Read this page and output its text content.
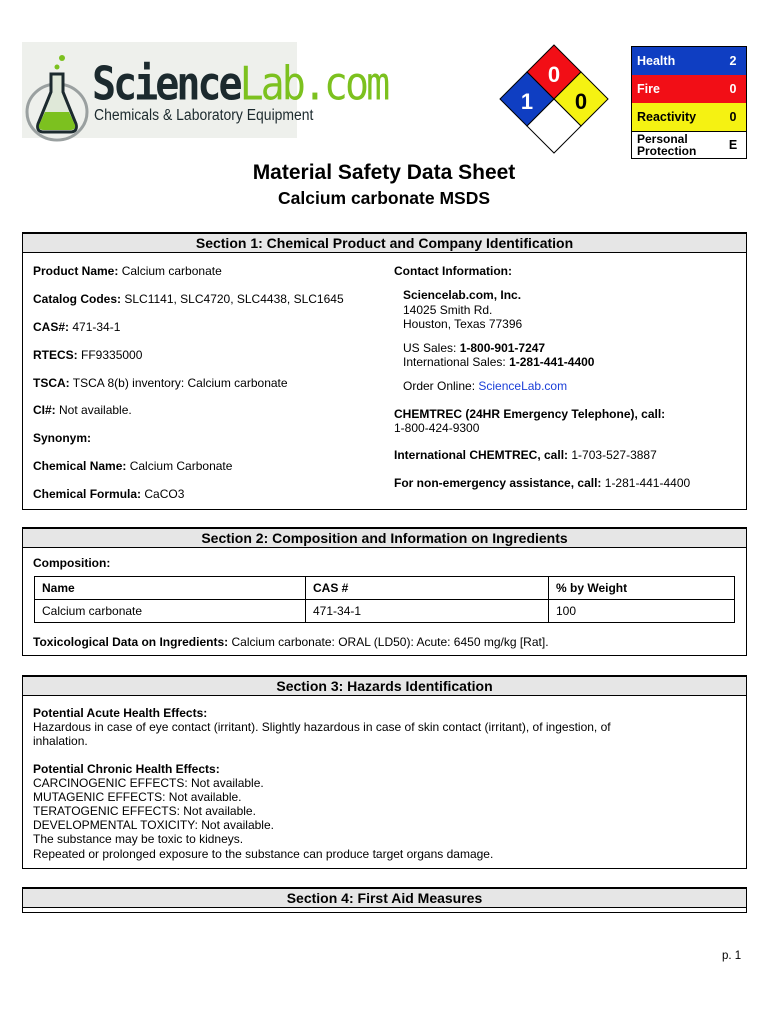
ScienceLab.com
Chemicals & Laboratory Equipment
0
1 0
Health	2
Fire	0
Reactivity	0
Personal
Protection	E
Material Safety Data Sheet
Calcium carbonate MSDS
Section 1: Chemical Product and Company Identification
Product Name: Calcium carbonate
Catalog Codes: SLC1141, SLC4720, SLC4438, SLC1645
CAS#: 471-34-1
RTECS: FF9335000
TSCA: TSCA 8(b) inventory: Calcium carbonate
CI#: Not available.
Synonym:
Chemical Name: Calcium Carbonate
Chemical Formula: CaCO3
Contact Information:
Sciencelab.com, Inc.
14025 Smith Rd.
Houston, Texas 77396
US Sales: 1-800-901-7247
International Sales: 1-281-441-4400
Order Online: ScienceLab.com
CHEMTREC (24HR Emergency Telephone), call:
1-800-424-9300
International CHEMTREC, call: 1-703-527-3887
For non-emergency assistance, call: 1-281-441-4400
Section 2: Composition and Information on Ingredients
Composition:
Name	CAS #	% by Weight
Calcium carbonate	471-34-1	100
Toxicological Data on Ingredients: Calcium carbonate: ORAL (LD50): Acute: 6450 mg/kg [Rat].
Section 3: Hazards Identification
Potential Acute Health Effects:
Hazardous in case of eye contact (irritant). Slightly hazardous in case of skin contact (irritant), of ingestion, of
inhalation.
Potential Chronic Health Effects:
CARCINOGENIC EFFECTS: Not available.
MUTAGENIC EFFECTS: Not available.
TERATOGENIC EFFECTS: Not available.
DEVELOPMENTAL TOXICITY: Not available.
The substance may be toxic to kidneys.
Repeated or prolonged exposure to the substance can produce target organs damage.
Section 4: First Aid Measures
p. 1
